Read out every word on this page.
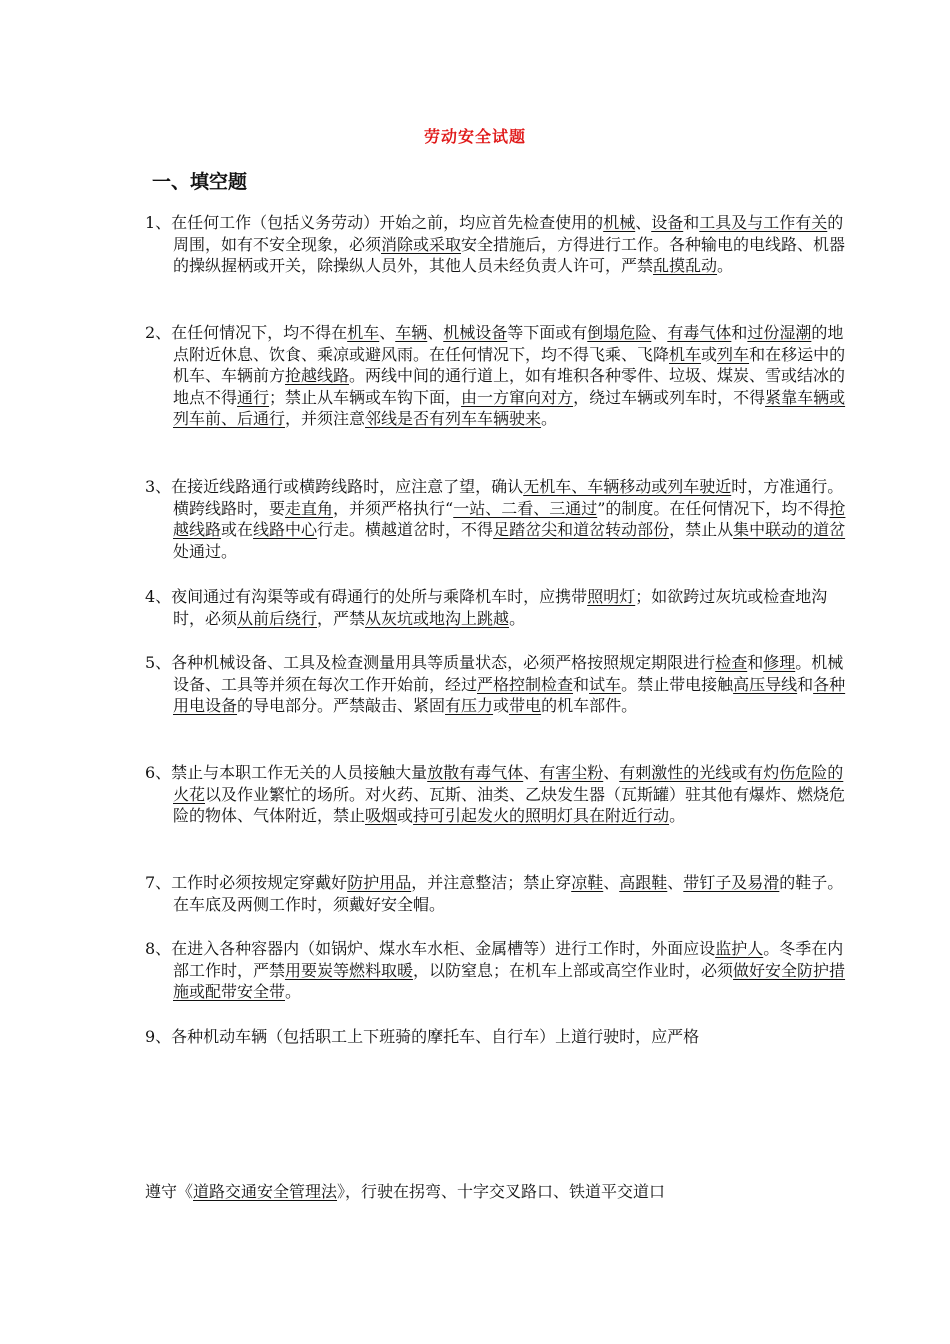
劳动安全试题
一、填空题
1、在任何工作（包括义务劳动）开始之前，均应首先检查使用的机械、设备和工具及与工作有关的周围，如有不安全现象，必须消除或采取安全措施后，方得进行工作。各种输电的电线路、机器的操纵握柄或开关，除操纵人员外，其他人员未经负责人许可，严禁乱摸乱动。
2、在任何情况下，均不得在机车、车辆、机械设备等下面或有倒塌危险、有毒气体和过份湿潮的地点附近休息、饮食、乘凉或避风雨。在任何情况下，均不得飞乘、飞降机车或列车和在移运中的机车、车辆前方抢越线路。两线中间的通行道上，如有堆积各种零件、垃圾、煤炭、雪或结冰的地点不得通行；禁止从车辆或车钩下面，由一方窜向对方，绕过车辆或列车时，不得紧靠车辆或列车前、后通行，并须注意邻线是否有列车车辆驶来。
3、在接近线路通行或横跨线路时，应注意了望，确认无机车、车辆移动或列车驶近时，方准通行。横跨线路时，要走直角，并须严格执行“一站、二看、三通过”的制度。在任何情况下，均不得抢越线路或在线路中心行走。横越道岔时，不得足踏岔尖和道岔转动部份，禁止从集中联动的道岔处通过。
4、夜间通过有沟渠等或有碍通行的处所与乘降机车时，应携带照明灯；如欲跨过灰坑或检查地沟时，必须从前后绕行，严禁从灰坑或地沟上跳越。
5、各种机械设备、工具及检查测量用具等质量状态，必须严格按照规定期限进行检查和修理。机械设备、工具等并须在每次工作开始前，经过严格控制检查和试车。禁止带电接触高压导线和各种用电设备的导电部分。严禁敲击、紧固有压力或带电的机车部件。
6、禁止与本职工作无关的人员接触大量放散有毒气体、有害尘粉、有刺激性的光线或有灼伤危险的火花以及作业繁忙的场所。对火药、瓦斯、油类、乙炔发生器（瓦斯罐）驻其他有爆炸、燃烧危险的物体、气体附近，禁止吸烟或持可引起发火的照明灯具在附近行动。
7、工作时必须按规定穿戴好防护用品，并注意整洁；禁止穿凉鞋、高跟鞋、带钉子及易滑的鞋子。在车底及两侧工作时，须戴好安全帽。
8、在进入各种容器内（如锅炉、煤水车水柜、金属槽等）进行工作时，外面应设监护人。冬季在内部工作时，严禁用要炭等燃料取暖，以防窒息；在机车上部或高空作业时，必须做好安全防护措施或配带安全带。
9、各种机动车辆（包括职工上下班骑的摩托车、自行车）上道行驶时，应严格
遵守《道路交通安全管理法》，行驶在拐弯、十字交叉路口、铁道平交道口
